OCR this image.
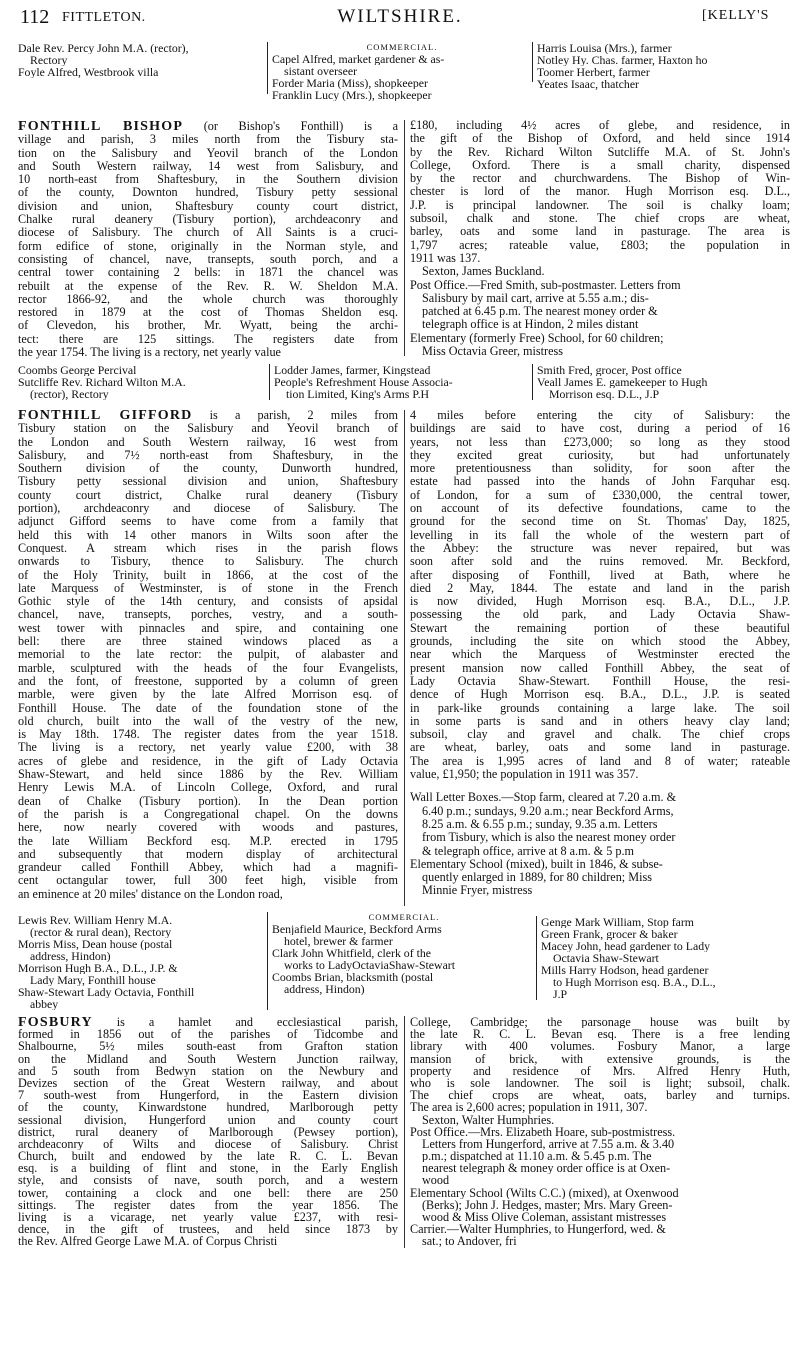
112 FITTLETON.	WILTSHIRE.	[KELLY'S
Dale Rev. Percy John M.A. (rector),
Rectory
Foyle Alfred, Westbrook villa
COMMERCIAL.
Capel Alfred, market gardener & as-
sistant overseer
Forder Maria (Miss), shopkeeper
Franklin Lucy (Mrs.), shopkeeper
Harris Louisa (Mrs.), farmer
Notley Hy. Chas. farmer, Haxton ho
Toomer Herbert, farmer
Yeates Isaac, thatcher
FONTHILL BISHOP (or Bishop's Fonthill) is a
village and parish, 3 miles north from the Tisbury sta-
tion on the Salisbury and Yeovil branch of the London
and South Western railway, 14 west from Salisbury, and
10 north-east from Shaftesbury, in the Southern division
of the county, Downton hundred, Tisbury petty sessional
division and union, Shaftesbury county court district,
Chalke rural deanery (Tisbury portion), archdeaconry and
diocese of Salisbury. The church of All Saints is a cruci-
form edifice of stone, originally in the Norman style, and
consisting of chancel, nave, transepts, south porch, and a
central tower containing 2 bells: in 1871 the chancel was
rebuilt at the expense of the Rev. R. W. Sheldon M.A.
rector 1866-92, and the whole church was thoroughly
restored in 1879 at the cost of Thomas Sheldon esq.
of Clevedon, his brother, Mr. Wyatt, being the archi-
tect: there are 125 sittings. The registers date from
the year 1754. The living is a rectory, net yearly value
£180, including 4½ acres of glebe, and residence, in
the gift of the Bishop of Oxford, and held since 1914
by the Rev. Richard Wilton Sutcliffe M.A. of St. John's
College, Oxford. There is a small charity, dispensed
by the rector and churchwardens. The Bishop of Win-
chester is lord of the manor. Hugh Morrison esq. D.L.,
J.P. is principal landowner. The soil is chalky loam;
subsoil, chalk and stone. The chief crops are wheat,
barley, oats and some land in pasturage. The area is
1,797 acres; rateable value, £803; the population in
1911 was 137.
Sexton, James Buckland.
Post Office.—Fred Smith, sub-postmaster. Letters from
Salisbury by mail cart, arrive at 5.55 a.m.; dis-
patched at 6.45 p.m. The nearest money order &
telegraph office is at Hindon, 2 miles distant
Elementary (formerly Free) School, for 60 children;
Miss Octavia Greer, mistress
Coombs George Percival
Sutcliffe Rev. Richard Wilton M.A.
(rector), Rectory
Lodder James, farmer, Kingstead
People's Refreshment House Associa-
tion Limited, King's Arms P.H
Smith Fred, grocer, Post office
Veall James E. gamekeeper to Hugh
Morrison esq. D.L., J.P
FONTHILL GIFFORD is a parish, 2 miles from
Tisbury station on the Salisbury and Yeovil branch of
the London and South Western railway, 16 west from
Salisbury, and 7½ north-east from Shaftesbury, in the
Southern division of the county, Dunworth hundred,
Tisbury petty sessional division and union, Shaftesbury
county court district, Chalke rural deanery (Tisbury
portion), archdeaconry and diocese of Salisbury. The
adjunct Gifford seems to have come from a family that
held this with 14 other manors in Wilts soon after the
Conquest. A stream which rises in the parish flows
onwards to Tisbury, thence to Salisbury. The church
of the Holy Trinity, built in 1866, at the cost of the
late Marquess of Westminster, is of stone in the French
Gothic style of the 14th century, and consists of apsidal
chancel, nave, transepts, porches, vestry, and a south-
west tower with pinnacles and spire, and containing one
bell: there are three stained windows placed as a
memorial to the late rector: the pulpit, of alabaster and
marble, sculptured with the heads of the four Evangelists,
and the font, of freestone, supported by a column of green
marble, were given by the late Alfred Morrison esq. of
Fonthill House. The date of the foundation stone of the
old church, built into the wall of the vestry of the new,
is May 18th. 1748. The register dates from the year 1518.
The living is a rectory, net yearly value £200, with 38
acres of glebe and residence, in the gift of Lady Octavia
Shaw-Stewart, and held since 1886 by the Rev. William
Henry Lewis M.A. of Lincoln College, Oxford, and rural
dean of Chalke (Tisbury portion). In the Dean portion
of the parish is a Congregational chapel. On the downs
here, now nearly covered with woods and pastures,
the late William Beckford esq. M.P. erected in 1795
and subsequently that modern display of architectural
grandeur called Fonthill Abbey, which had a magnifi-
cent octangular tower, full 300 feet high, visible from
an eminence at 20 miles' distance on the London road,
4 miles before entering the city of Salisbury: the
buildings are said to have cost, during a period of 16
years, not less than £273,000; so long as they stood
they excited great curiosity, but had unfortunately
more pretentiousness than solidity, for soon after the
estate had passed into the hands of John Farquhar esq.
of London, for a sum of £330,000, the central tower,
on account of its defective foundations, came to the
ground for the second time on St. Thomas' Day, 1825,
levelling in its fall the whole of the western part of
the Abbey: the structure was never repaired, but was
soon after sold and the ruins removed. Mr. Beckford,
after disposing of Fonthill, lived at Bath, where he
died 2 May, 1844. The estate and land in the parish
is now divided, Hugh Morrison esq. B.A., D.L., J.P.
possessing the old park, and Lady Octavia Shaw-
Stewart the remaining portion of these beautiful
grounds, including the site on which stood the Abbey,
near which the Marquess of Westminster erected the
present mansion now called Fonthill Abbey, the seat of
Lady Octavia Shaw-Stewart. Fonthill House, the resi-
dence of Hugh Morrison esq. B.A., D.L., J.P. is seated
in park-like grounds containing a large lake. The soil
in some parts is sand and in others heavy clay land;
subsoil, clay and gravel and chalk. The chief crops
are wheat, barley, oats and some land in pasturage.
The area is 1,995 acres of land and 8 of water; rateable
value, £1,950; the population in 1911 was 357.
Wall Letter Boxes.—Stop farm, cleared at 7.20 a.m. &
6.40 p.m.; sundays, 9.20 a.m.; near Beckford Arms,
8.25 a.m. & 6.55 p.m.; sunday, 9.35 a.m. Letters
from Tisbury, which is also the nearest money order
& telegraph office, arrive at 8 a.m. & 5 p.m
Elementary School (mixed), built in 1846, & subse-
quently enlarged in 1889, for 80 children; Miss
Minnie Fryer, mistress
Lewis Rev. William Henry M.A.
(rector & rural dean), Rectory
Morris Miss, Dean house (postal
address, Hindon)
Morrison Hugh B.A., D.L., J.P. &
Lady Mary, Fonthill house
Shaw-Stewart Lady Octavia, Fonthill
abbey
COMMERCIAL.
Benjafield Maurice, Beckford Arms
hotel, brewer & farmer
Clark John Whitfield, clerk of the
works to LadyOctaviaShaw-Stewart
Coombs Brian, blacksmith (postal
address, Hindon)
Genge Mark William, Stop farm
Green Frank, grocer & baker
Macey John, head gardener to Lady
Octavia Shaw-Stewart
Mills Harry Hodson, head gardener
to Hugh Morrison esq. B.A., D.L.,
J.P
FOSBURY is a hamlet and ecclesiastical parish,
formed in 1856 out of the parishes of Tidcombe and
Shalbourne, 5½ miles south-east from Grafton station
on the Midland and South Western Junction railway,
and 5 south from Bedwyn station on the Newbury and
Devizes section of the Great Western railway, and about
7 south-west from Hungerford, in the Eastern division
of the county, Kinwardstone hundred, Marlborough petty
sessional division, Hungerford union and county court
district, rural deanery of Marlborough (Pewsey portion),
archdeaconry of Wilts and diocese of Salisbury. Christ
Church, built and endowed by the late R. C. L. Bevan
esq. is a building of flint and stone, in the Early English
style, and consists of nave, south porch, and a western
tower, containing a clock and one bell: there are 250
sittings. The register dates from the year 1856. The
living is a vicarage, net yearly value £237, with resi-
dence, in the gift of trustees, and held since 1873 by
the Rev. Alfred George Lawe M.A. of Corpus Christi
College, Cambridge; the parsonage house was built by
the late R. C. L. Bevan esq. There is a free lending
library with 400 volumes. Fosbury Manor, a large
mansion of brick, with extensive grounds, is the
property and residence of Mrs. Alfred Henry Huth,
who is sole landowner. The soil is light; subsoil, chalk.
The chief crops are wheat, oats, barley and turnips.
The area is 2,600 acres; population in 1911, 307.
Sexton, Walter Humphries.
Post Office.—Mrs. Elizabeth Hoare, sub-postmistress.
Letters from Hungerford, arrive at 7.55 a.m. & 3.40
p.m.; dispatched at 11.10 a.m. & 5.45 p.m. The
nearest telegraph & money order office is at Oxen-
wood
Elementary School (Wilts C.C.) (mixed), at Oxenwood
(Berks); John J. Hedges, master; Mrs. Mary Green-
wood & Miss Olive Coleman, assistant mistresses
Carrier.—Walter Humphries, to Hungerford, wed. &
sat.; to Andover, fri
